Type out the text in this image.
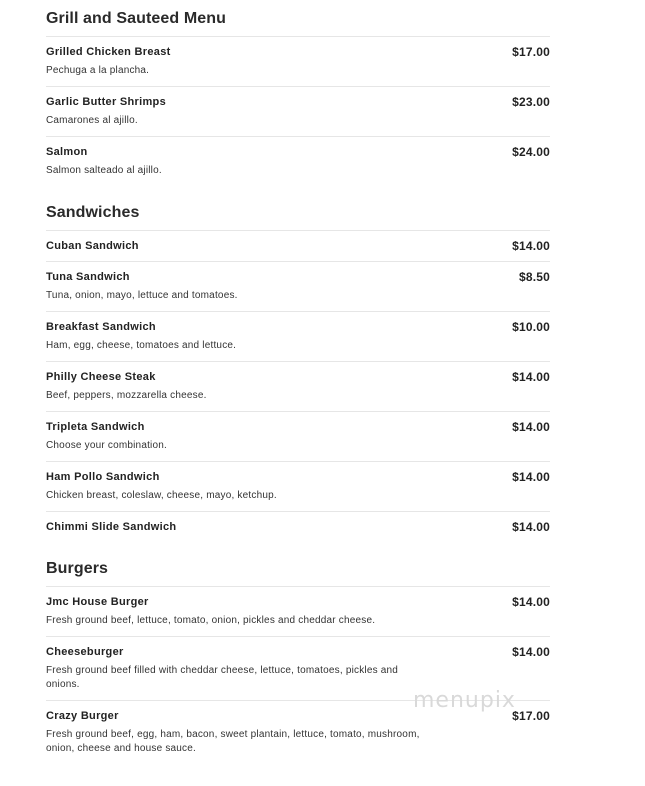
Grill and Sauteed Menu
Grilled Chicken Breast	$17.00
Pechuga a la plancha.
Garlic Butter Shrimps	$23.00
Camarones al ajillo.
Salmon	$24.00
Salmon salteado al ajillo.
Sandwiches
Cuban Sandwich	$14.00
Tuna Sandwich	$8.50
Tuna, onion, mayo, lettuce and tomatoes.
Breakfast Sandwich	$10.00
Ham, egg, cheese, tomatoes and lettuce.
Philly Cheese Steak	$14.00
Beef, peppers, mozzarella cheese.
Tripleta Sandwich	$14.00
Choose your combination.
Ham Pollo Sandwich	$14.00
Chicken breast, coleslaw, cheese, mayo, ketchup.
Chimmi Slide Sandwich	$14.00
Burgers
Jmc House Burger	$14.00
Fresh ground beef, lettuce, tomato, onion, pickles and cheddar cheese.
Cheeseburger	$14.00
Fresh ground beef filled with cheddar cheese, lettuce, tomatoes, pickles and onions.
Crazy Burger	$17.00
Fresh ground beef, egg, ham, bacon, sweet plantain, lettuce, tomato, mushroom, onion, cheese and house sauce.
menupix
